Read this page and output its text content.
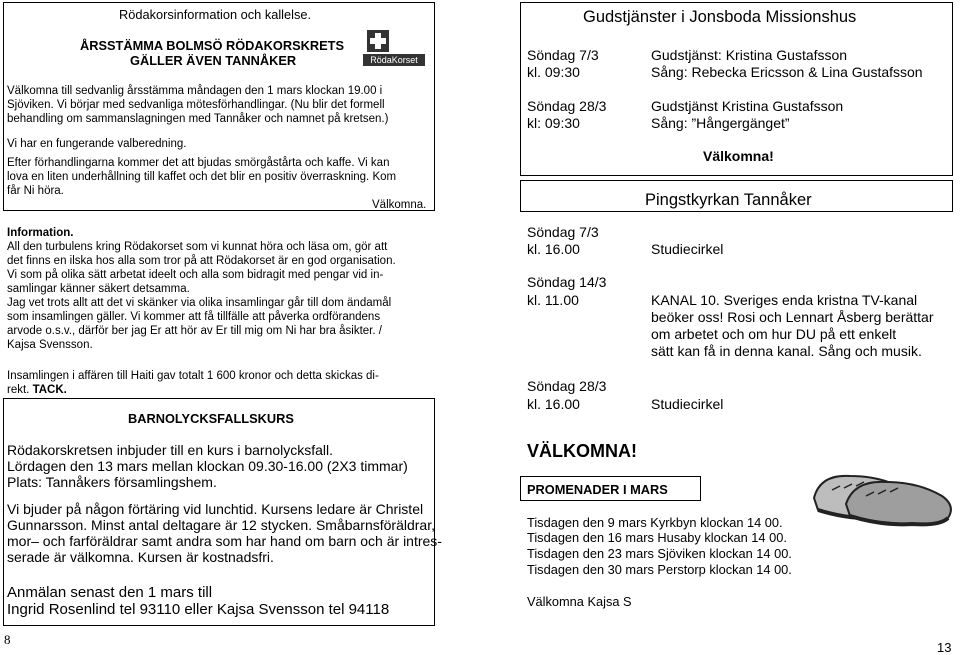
Rödakorsinformation och kallelse.
ÅRSSTÄMMA BOLMSÖ RÖDAKORSKRETS
GÄLLER ÄVEN TANNÅKER	RödaKorset
Välkomna till sedvanlig årsstämma måndagen den 1 mars klockan 19.00 i
Sjöviken. Vi börjar med sedvanliga mötesförhandlingar. (Nu blir det formell
behandling om sammanslagningen med Tannåker och namnet på kretsen.)
Vi har en fungerande valberedning.
Efter förhandlingarna kommer det att bjudas smörgåstårta och kaffe. Vi kan
lova en liten underhållning till kaffet och det blir en positiv överraskning. Kom
får Ni höra.
Välkomna.
Information.
All den turbulens kring Rödakorset som vi kunnat höra och läsa om, gör att
det finns en ilska hos alla som tror på att Rödakorset är en god organisation.
Vi som på olika sätt arbetat ideelt och alla som bidragit med pengar vid in-
samlingar känner säkert detsamma.
Jag vet trots allt att det vi skänker via olika insamlingar går till dom ändamål
som insamlingen gäller. Vi kommer att få tillfälle att påverka ordförandens
arvode o.s.v., därför ber jag Er att hör av Er till mig om Ni har bra åsikter. /
Kajsa Svensson.
Insamlingen i affären till Haiti gav totalt 1 600 kronor och detta skickas di-
rekt. TACK.
BARNOLYCKSFALLSKURS
Rödakorskretsen inbjuder till en kurs i barnolycksfall.
Lördagen den 13 mars mellan klockan 09.30-16.00 (2X3 timmar)
Plats: Tannåkers församlingshem.
Vi bjuder på någon förtäring vid lunchtid. Kursens ledare är Christel
Gunnarsson. Minst antal deltagare är 12 stycken. Småbarnsföräldrar,
mor– och farföräldrar samt andra som har hand om barn och är intres-
serade är välkomna. Kursen är kostnadsfri.
Anmälan senast den 1 mars till
Ingrid Rosenlind tel 93110 eller Kajsa Svensson tel 94118
8
Gudstjänster i Jonsboda Missionshus
Söndag 7/3	Gudstjänst: Kristina Gustafsson
kl. 09:30	Sång: Rebecka Ericsson & Lina Gustafsson
Söndag 28/3	Gudstjänst Kristina Gustafsson
kl: 09:30	Sång: ”Hångergänget”
Välkomna!
Pingstkyrkan Tannåker
Söndag 7/3
kl. 16.00	Studiecirkel
Söndag 14/3
kl. 11.00	KANAL 10. Sveriges enda kristna TV-kanal
beöker oss! Rosi och Lennart Åsberg berättar
om arbetet och om hur DU på ett enkelt
sätt kan få in denna kanal. Sång och musik.
Söndag 28/3
kl. 16.00	Studiecirkel
VÄLKOMNA!
PROMENADER I MARS
Tisdagen den 9 mars Kyrkbyn klockan 14 00.
Tisdagen den 16 mars Husaby klockan 14 00.
Tisdagen den 23 mars Sjöviken klockan 14 00.
Tisdagen den 30 mars Perstorp klockan 14 00.
Välkomna Kajsa S
13
